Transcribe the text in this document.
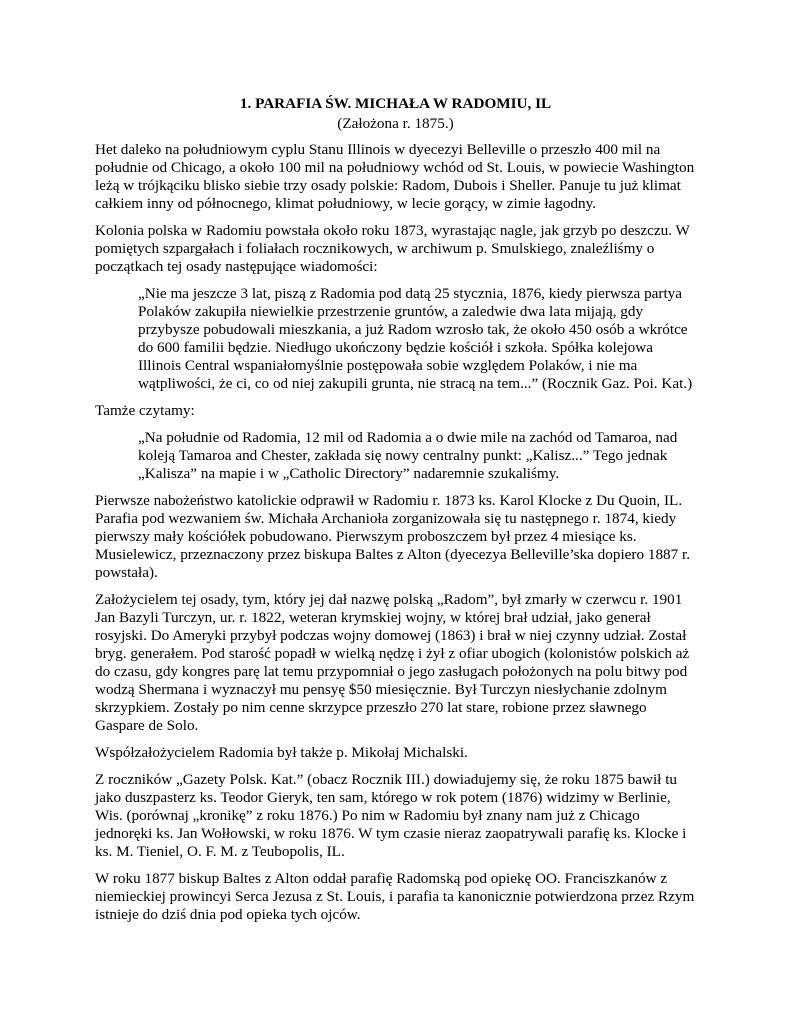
1. PARAFIA ŚW. MICHAŁA W RADOMIU, IL
(Założona r. 1875.)

Het daleko na południowym cyplu Stanu Illinois w dyecezyi Belleville o przeszło 400 mil na południe od Chicago, a około 100 mil na południowy wchód od St. Louis, w powiecie Washington leżą w trójkąciku blisko siebie trzy osady polskie: Radom, Dubois i Sheller. Panuje tu już klimat całkiem inny od północnego, klimat południowy, w lecie gorący, w zimie łagodny.

Kolonia polska w Radomiu powstała około roku 1873, wyrastając nagle, jak grzyb po deszczu. W pomiętych szpargałach i foliałach rocznikowych, w archiwum p. Smulskiego, znaleźliśmy o początkach tej osady następujące wiadomości:

„Nie ma jeszcze 3 lat, piszą z Radomia pod datą 25 stycznia, 1876, kiedy pierwsza partya Polaków zakupiła niewielkie przestrzenie gruntów, a zaledwie dwa lata mijają, gdy przybysze pobudowali mieszkania, a już Radom wzrosło tak, że około 450 osób a wkrótce do 600 familii będzie. Niedługo ukończony będzie kościół i szkoła. Spółka kolejowa Illinois Central wspaniałomyślnie postępowała sobie względem Polaków, i nie ma wątpliwości, że ci, co od niej zakupili grunta, nie stracą na tem...” (Rocznik Gaz. Poi. Kat.)

Tamże czytamy:

„Na południe od Radomia, 12 mil od Radomia a o dwie mile na zachód od Tamaroa, nad koleją Tamaroa and Chester, zakłada się nowy centralny punkt: „Kalisz...” Tego jednak „Kalisza” na mapie i w „Catholic Directory” nadaremnie szukaliśmy.

Pierwsze nabożeństwo katolickie odprawił w Radomiu r. 1873 ks. Karol Klocke z Du Quoin, IL. Parafia pod wezwaniem św. Michała Archanioła zorganizowała się tu następnego r. 1874, kiedy pierwszy mały kościółek pobudowano. Pierwszym proboszczem był przez 4 miesiące ks. Musielewicz, przeznaczony przez biskupa Baltes z Alton (dyecezya Belleville’ska dopiero 1887 r. powstała).

Założycielem tej osady, tym, który jej dał nazwę polską „Radom”, był zmarły w czerwcu r. 1901 Jan Bazyli Turczyn, ur. r. 1822, weteran krymskiej wojny, w której brał udział, jako generał rosyjski. Do Ameryki przybył podczas wojny domowej (1863) i brał w niej czynny udział. Został bryg. generałem. Pod starość popadł w wielką nędzę i żył z ofiar ubogich (kolonistów polskich aż do czasu, gdy kongres parę lat temu przypomniał o jego zasługach położonych na polu bitwy pod wodzą Shermana i wyznaczył mu pensyę $50 miesięcznie. Był Turczyn niesłychanie zdolnym skrzypkiem. Zostały po nim cenne skrzypce przeszło 270 lat stare, robione przez sławnego Gaspare de Solo.

Współzałożycielem Radomia był także p. Mikołaj Michalski.

Z roczników „Gazety Polsk. Kat.” (obacz Rocznik III.) dowiadujemy się, że roku 1875 bawił tu jako duszpasterz ks. Teodor Gieryk, ten sam, którego w rok potem (1876) widzimy w Berlinie, Wis. (porównaj „kronikę” z roku 1876.) Po nim w Radomiu był znany nam już z Chicago jednoręki ks. Jan Wołłowski, w roku 1876. W tym czasie nieraz zaopatrywali parafię ks. Klocke i ks. M. Tieniel, O. F. M. z Teubopolis, IL.

W roku 1877 biskup Baltes z Alton oddał parafię Radomską pod opiekę OO. Franciszkanów z niemieckiej prowincyi Serca Jezusa z St. Louis, i parafia ta kanonicznie potwierdzona przez Rzym istnieje do dziś dnia pod opieka tych ojców.
